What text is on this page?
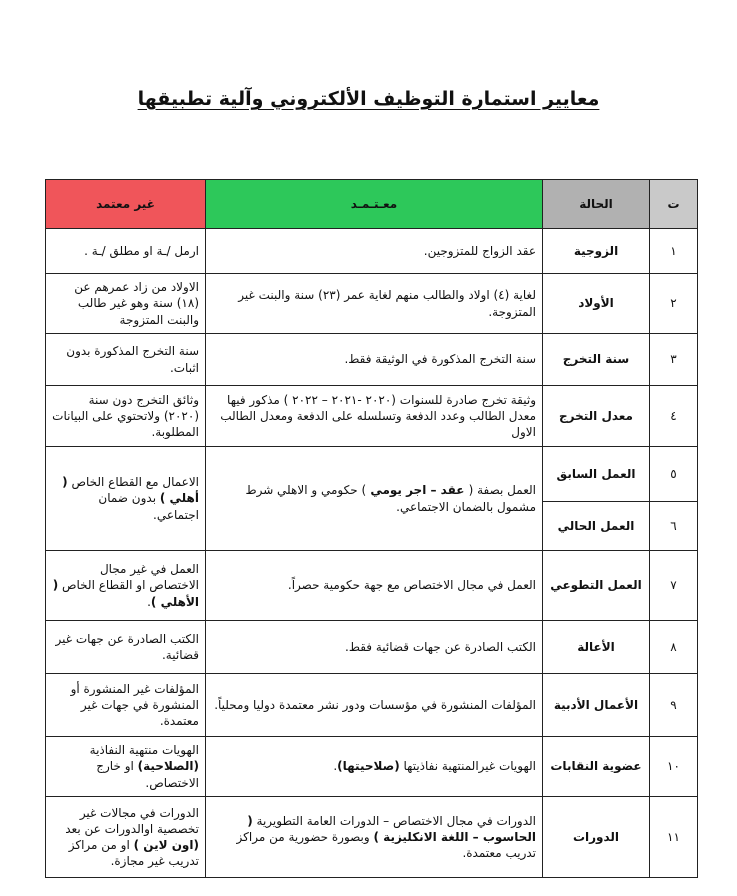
معايير استمارة التوظيف الألكتروني وآلية تطبيقها
ت	الحالة	معـتـمـد	غير معتمد
١	الزوجية	عقد الزواج للمتزوجين.	ارمل /ـة او مطلق /ـة .
٢	الأولاد	لغاية (٤) اولاد والطالب منهم لغاية عمر (٢٣) سنة والبنت غير المتزوجة.	الاولاد من زاد عمرهم عن (١٨) سنة وهو غير طالب والبنت المتزوجة
٣	سنة التخرج	سنة التخرج المذكورة في الوثيقة فقط.	سنة التخرج المذكورة بدون اثبات.
٤	معدل التخرج	وثيقة تخرج صادرة للسنوات (٢٠٢٠ -٢٠٢١ – ٢٠٢٢ ) مذكور فيها معدل الطالب وعدد الدفعة وتسلسله على الدفعة ومعدل الطالب الاول	وثائق التخرج دون سنة (٢٠٢٠) ولاتحتوي على البيانات المطلوبة.
٥	العمل السابق	العمل بصفة ( عقد – اجر يومي ) حكومي و الاهلي شرط مشمول بالضمان الاجتماعي.	الاعمال مع القطاع الخاص ( أهلي ) بدون ضمان اجتماعي.
٦	العمل الحالي		
٧	العمل التطوعي	العمل في مجال الاختصاص مع جهة حكومية حصراً.	العمل في غير مجال الاختصاص او القطاع الخاص ( الأهلي ).
٨	الأعالة	الكتب الصادرة عن جهات قضائية فقط.	الكتب الصادرة عن جهات غير قضائية.
٩	الأعمال الأدبية	المؤلفات المنشورة في مؤسسات ودور نشر معتمدة دوليا ومحلياً.	المؤلفات غير المنشورة أو المنشورة في جهات غير معتمدة.
١٠	عضوية النقابات	الهويات غيرالمنتهية نفاذيتها (صلاحيتها).	الهويات منتهية النفاذية (الصلاحية) او خارج الاختصاص.
١١	الدورات	الدورات في مجال الاختصاص – الدورات العامة التطويرية ( الحاسوب – اللغة الانكليزية ) وبصورة حضورية من مراكز تدريب معتمدة.	الدورات في مجالات غير تخصصية اوالدورات عن بعد (اون لاين ) او من مراكز تدريب غير مجازة.
